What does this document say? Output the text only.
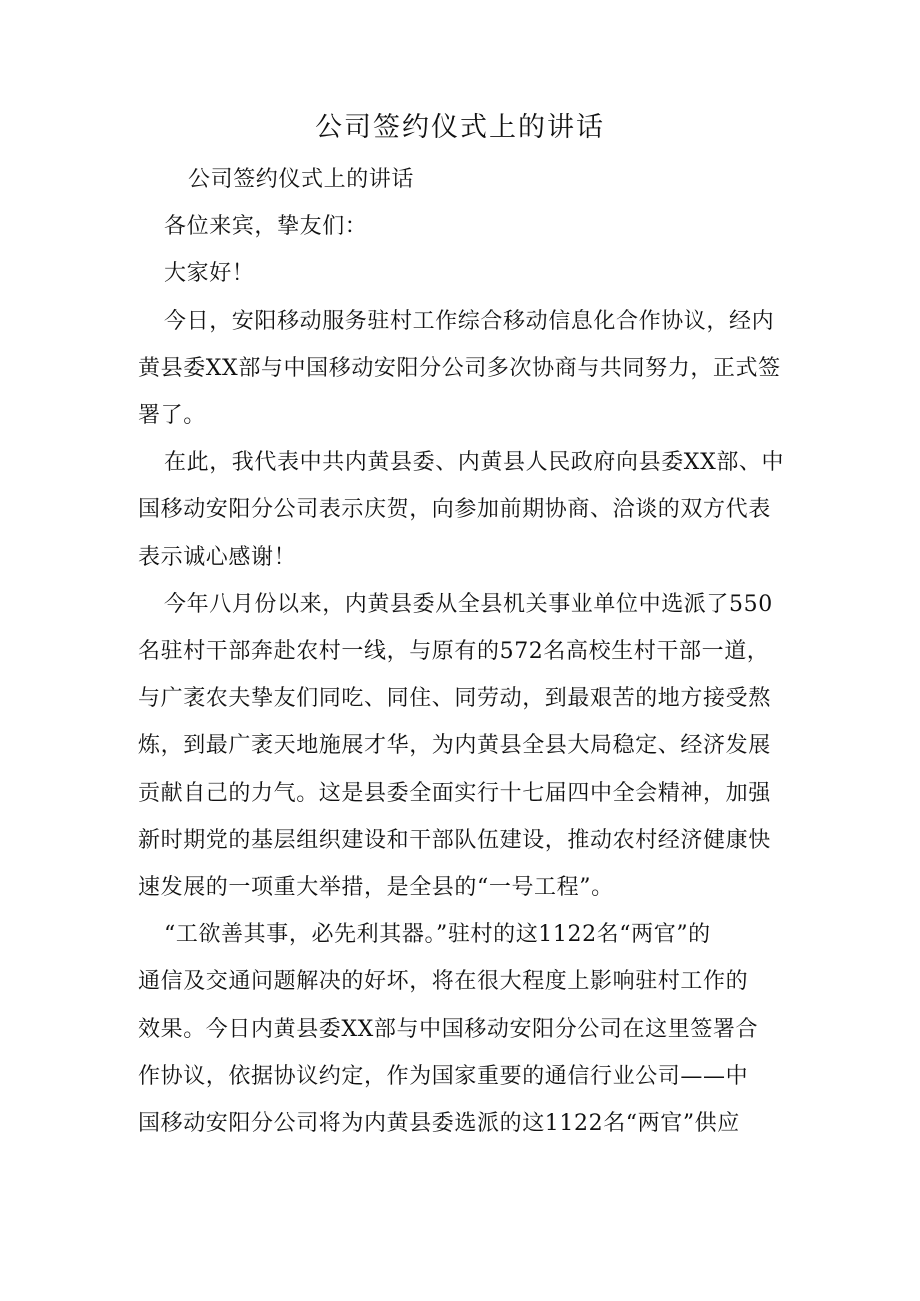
公司签约仪式上的讲话

公司签约仪式上的讲话

各位来宾，挚友们：

大家好！

今日，安阳移动服务驻村工作综合移动信息化合作协议，经内
黄县委XX部与中国移动安阳分公司多次协商与共同努力，正式签
署了。

在此，我代表中共内黄县委、内黄县人民政府向县委XX部、中
国移动安阳分公司表示庆贺，向参加前期协商、洽谈的双方代表
表示诚心感谢！

今年八月份以来，内黄县委从全县机关事业单位中选派了550
名驻村干部奔赴农村一线，与原有的572名高校生村干部一道，
与广袤农夫挚友们同吃、同住、同劳动，到最艰苦的地方接受熬
炼，到最广袤天地施展才华，为内黄县全县大局稳定、经济发展
贡献自己的力气。这是县委全面实行十七届四中全会精神，加强
新时期党的基层组织建设和干部队伍建设，推动农村经济健康快
速发展的一项重大举措，是全县的“一号工程”。

“工欲善其事，必先利其器。”驻村的这1122名“两官”的
通信及交通问题解决的好坏，将在很大程度上影响驻村工作的
效果。今日内黄县委XX部与中国移动安阳分公司在这里签署合
作协议，依据协议约定，作为国家重要的通信行业公司——中
国移动安阳分公司将为内黄县委选派的这1122名“两官”供应
